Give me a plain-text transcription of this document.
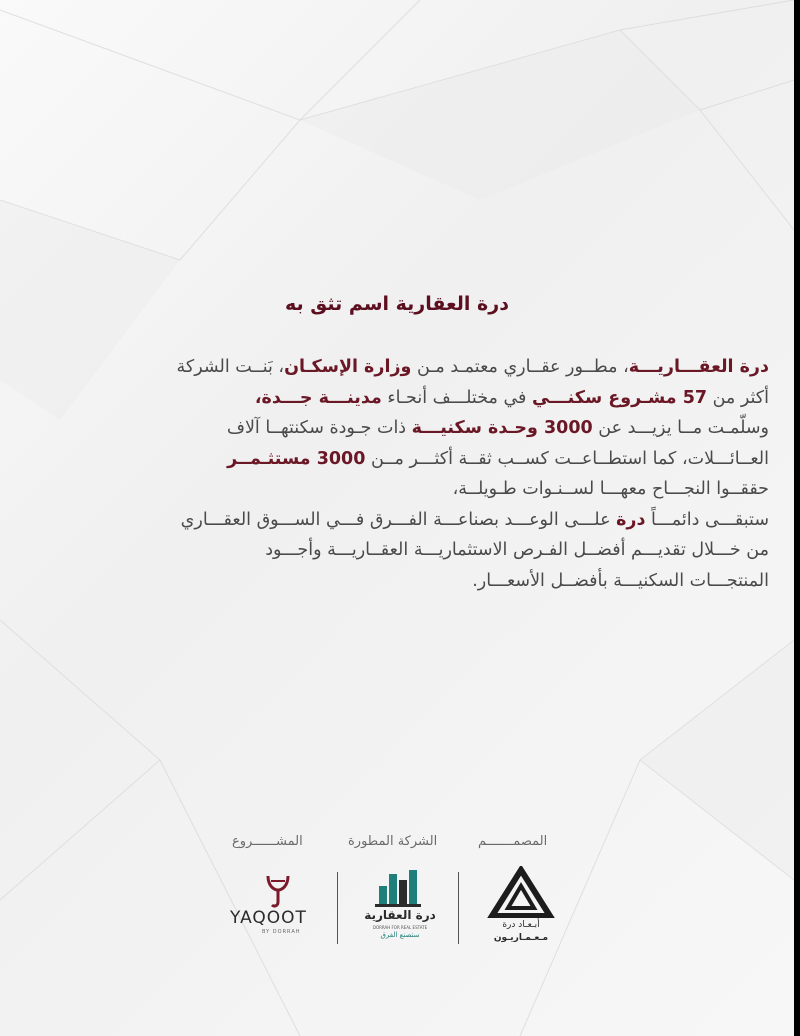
درة العقارية اسم تثق به
درة العقـــاريـــة، مطــور عقــاري معتمـد مـن وزارة الإسكـان، بَنــت الشركة
أكثر من 57 مشـروع سكنـــي في مختلـــف أنحـاء مدينـــة جـــدة،
وسلّمـت مــا يزيـــد عن 3000 وحـدة سكنيـــة ذات جـودة سكنتهــا آلاف
العــائـــلات، كما استطــاعــت كســب ثقــة أكثـــر مــن 3000 مستثـمــر
حققــوا النجـــاح معهـــا لســنـوات طـويلــة،
ستبقـــى دائمـــاً درة علـــى الوعـــد بصناعـــة الفـــرق فـــي الســـوق العقـــاري
من خـــلال تقديـــم أفضــل الفـرص الاستثماريـــة العقــاريـــة وأجـــود
المنتجـــات السكنيـــة بأفضــل الأسعـــار.
المشــــــروع	الشركة المطورة	المصمـــــــم
YAQOOT
BY DORRAH
درة العقارية
DORRAH FOR REAL ESTATE
ستصنع الفرق
أبـعـاد درة
مـعـمـاريـون
